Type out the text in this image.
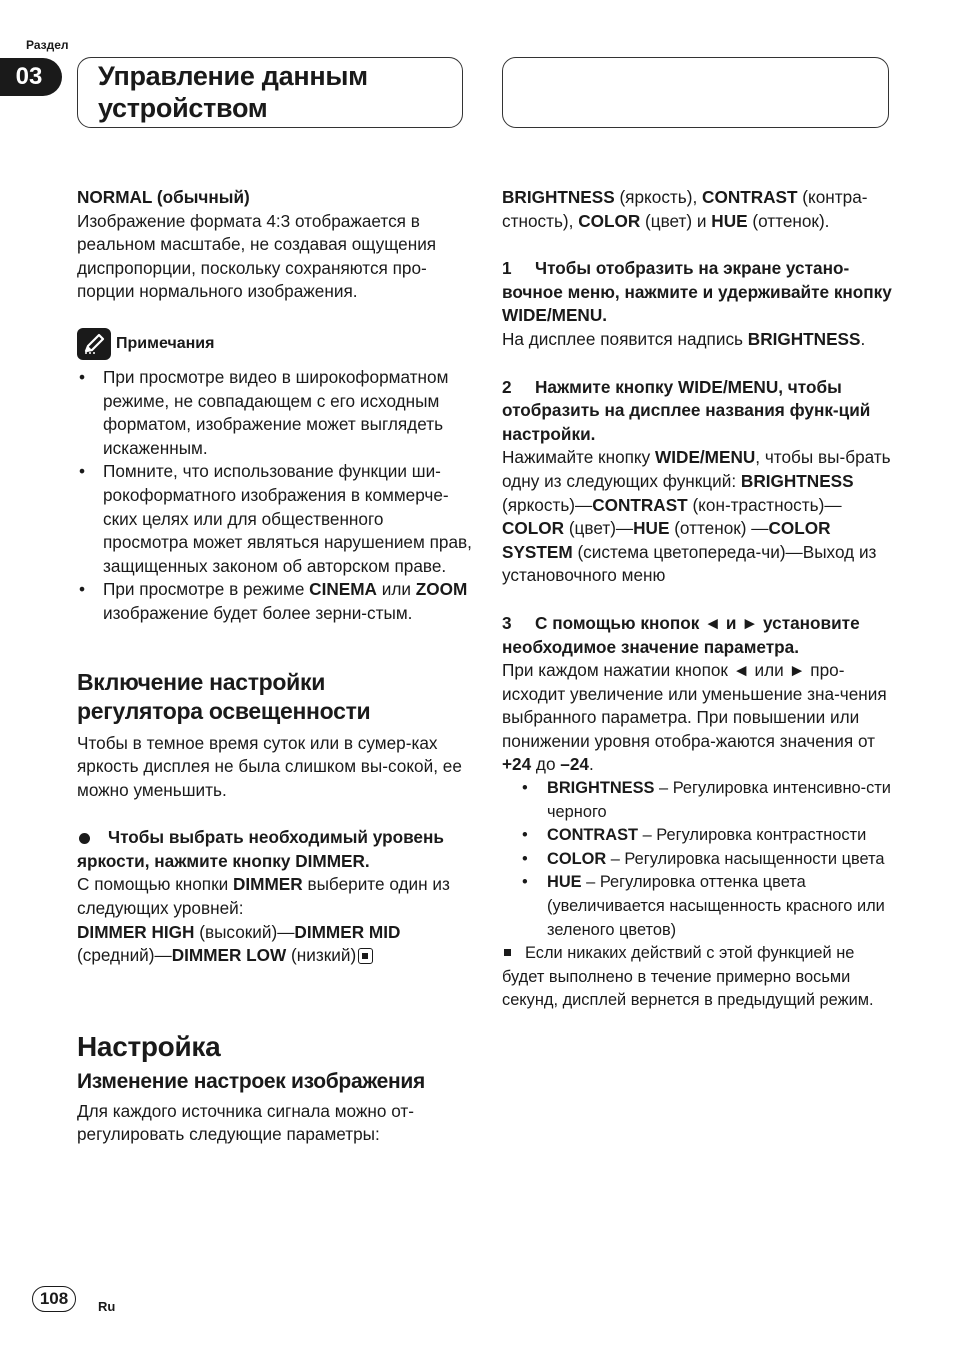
Раздел
03	Управление данным
устройством

NORMAL (обычный)

Изображение формата 4:3 отображается в реальном масштабе, не создавая ощущения диспропорции, поскольку сохраняются про-порции нормального изображения.

Примечания
• При просмотре видео в широкоформатном режиме, не совпадающем с его исходным форматом, изображение может выглядеть искаженным.
• Помните, что использование функции ши-рокоформатного изображения в коммерче-ских целях или для общественного просмотра может являться нарушением прав, защищенных законом об авторском праве.
• При просмотре в режиме CINEMA или ZOOM изображение будет более зерни-стым.
Включение настройки регулятора освещенности

Чтобы в темное время суток или в сумер-ках яркость дисплея не была слишком вы-сокой, ее можно уменьшить.

Чтобы выбрать необходимый уровень яркости, нажмите кнопку DIMMER.

С помощью кнопки DIMMER выберите один из следующих уровней:

DIMMER HIGH (высокий)—DIMMER MID (средний)—DIMMER LOW (низкий)

Настройка
Изменение настроек изображения

Для каждого источника сигнала можно от-регулировать следующие параметры:

BRIGHTNESS (яркость), CONTRAST (контра-стность), COLOR (цвет) и HUE (оттенок).

1 Чтобы отобразить на экране устано-вочное меню, нажмите и удерживайте кнопку WIDE/MENU.

На дисплее появится надпись BRIGHTNESS.

2 Нажмите кнопку WIDE/MENU, чтобы отобразить на дисплее названия функ-ций настройки.

Нажимайте кнопку WIDE/MENU, чтобы вы-брать одну из следующих функций: BRIGHTNESS (яркость)—CONTRAST (кон-трастность)—COLOR (цвет)—HUE (оттенок) —COLOR SYSTEM (система цветопереда-чи)—Выход из установочного меню

3 С помощью кнопок ◄ и ► установите необходимое значение параметра.

При каждом нажатии кнопок ◄ или ► про-исходит увеличение или уменьшение зна-чения выбранного параметра. При повышении или понижении уровня отобра-жаются значения от +24 до –24.

• BRIGHTNESS – Регулировка интенсивно-сти черного
• CONTRAST – Регулировка контрастности
• COLOR – Регулировка насыщенности цвета
• HUE – Регулировка оттенка цвета (увеличивается насыщенность красного или зеленого цветов)

Если никаких действий с этой функцией не будет выполнено в течение примерно восьми секунд, дисплей вернется в предыдущий режим.

108	Ru
